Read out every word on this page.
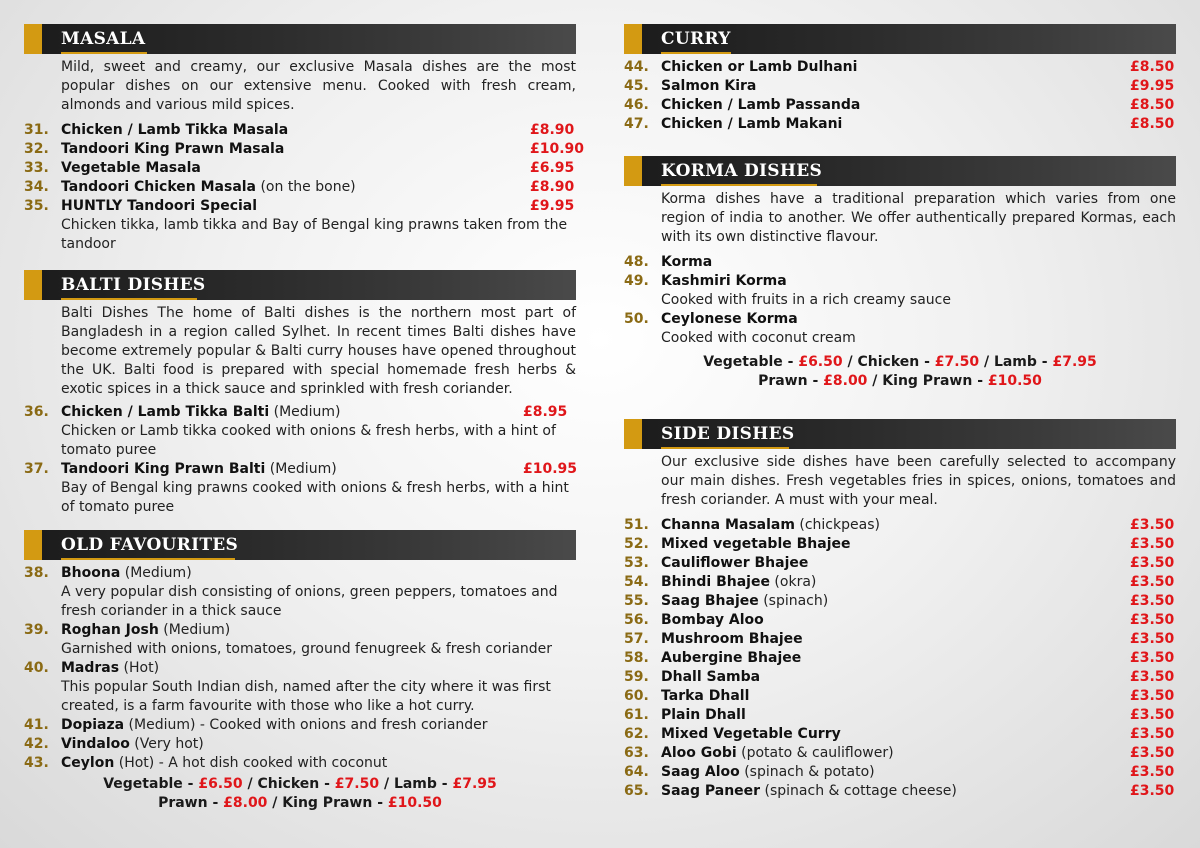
MASALA
Mild, sweet and creamy, our exclusive Masala dishes are the most popular dishes on our extensive menu. Cooked with fresh cream, almonds and various mild spices.
31. Chicken / Lamb Tikka Masala	£8.90
32. Tandoori King Prawn Masala	£10.90
33. Vegetable Masala	£6.95
34. Tandoori Chicken Masala (on the bone)	£8.90
35. HUNTLY Tandoori Special	£9.95
Chicken tikka, lamb tikka and Bay of Bengal king prawns taken from the tandoor
BALTI DISHES
Balti Dishes The home of Balti dishes is the northern most part of Bangladesh in a region called Sylhet. In recent times Balti dishes have become extremely popular & Balti curry houses have opened throughout the UK. Balti food is prepared with special homemade fresh herbs & exotic spices in a thick sauce and sprinkled with fresh coriander.
36. Chicken / Lamb Tikka Balti (Medium)	£8.95
Chicken or Lamb tikka cooked with onions & fresh herbs, with a hint of tomato puree
37. Tandoori King Prawn Balti (Medium)	£10.95
Bay of Bengal king prawns cooked with onions & fresh herbs, with a hint of tomato puree
OLD FAVOURITES
38. Bhoona (Medium)
A very popular dish consisting of onions, green peppers, tomatoes and fresh coriander in a thick sauce
39. Roghan Josh (Medium)
Garnished with onions, tomatoes, ground fenugreek & fresh coriander
40. Madras (Hot)
This popular South Indian dish, named after the city where it was first created, is a farm favourite with those who like a hot curry.
41. Dopiaza (Medium) - Cooked with onions and fresh coriander
42. Vindaloo (Very hot)
43. Ceylon (Hot) - A hot dish cooked with coconut
Vegetable - £6.50 / Chicken - £7.50 / Lamb - £7.95
Prawn - £8.00 / King Prawn - £10.50
CURRY
44. Chicken or Lamb Dulhani	£8.50
45. Salmon Kira	£9.95
46. Chicken / Lamb Passanda	£8.50
47. Chicken / Lamb Makani	£8.50
KORMA DISHES
Korma dishes have a traditional preparation which varies from one region of india to another. We offer authentically prepared Kormas, each with its own distinctive flavour.
48. Korma
49. Kashmiri Korma
Cooked with fruits in a rich creamy sauce
50. Ceylonese Korma
Cooked with coconut cream
Vegetable - £6.50 / Chicken - £7.50 / Lamb - £7.95
Prawn - £8.00 / King Prawn - £10.50
SIDE DISHES
Our exclusive side dishes have been carefully selected to accompany our main dishes. Fresh vegetables fries in spices, onions, tomatoes and fresh coriander. A must with your meal.
51. Channa Masalam (chickpeas)	£3.50
52. Mixed vegetable Bhajee	£3.50
53. Cauliflower Bhajee	£3.50
54. Bhindi Bhajee (okra)	£3.50
55. Saag Bhajee (spinach)	£3.50
56. Bombay Aloo	£3.50
57. Mushroom Bhajee	£3.50
58. Aubergine Bhajee	£3.50
59. Dhall Samba	£3.50
60. Tarka Dhall	£3.50
61. Plain Dhall	£3.50
62. Mixed Vegetable Curry	£3.50
63. Aloo Gobi (potato & cauliflower)	£3.50
64. Saag Aloo (spinach & potato)	£3.50
65. Saag Paneer (spinach & cottage cheese)	£3.50
